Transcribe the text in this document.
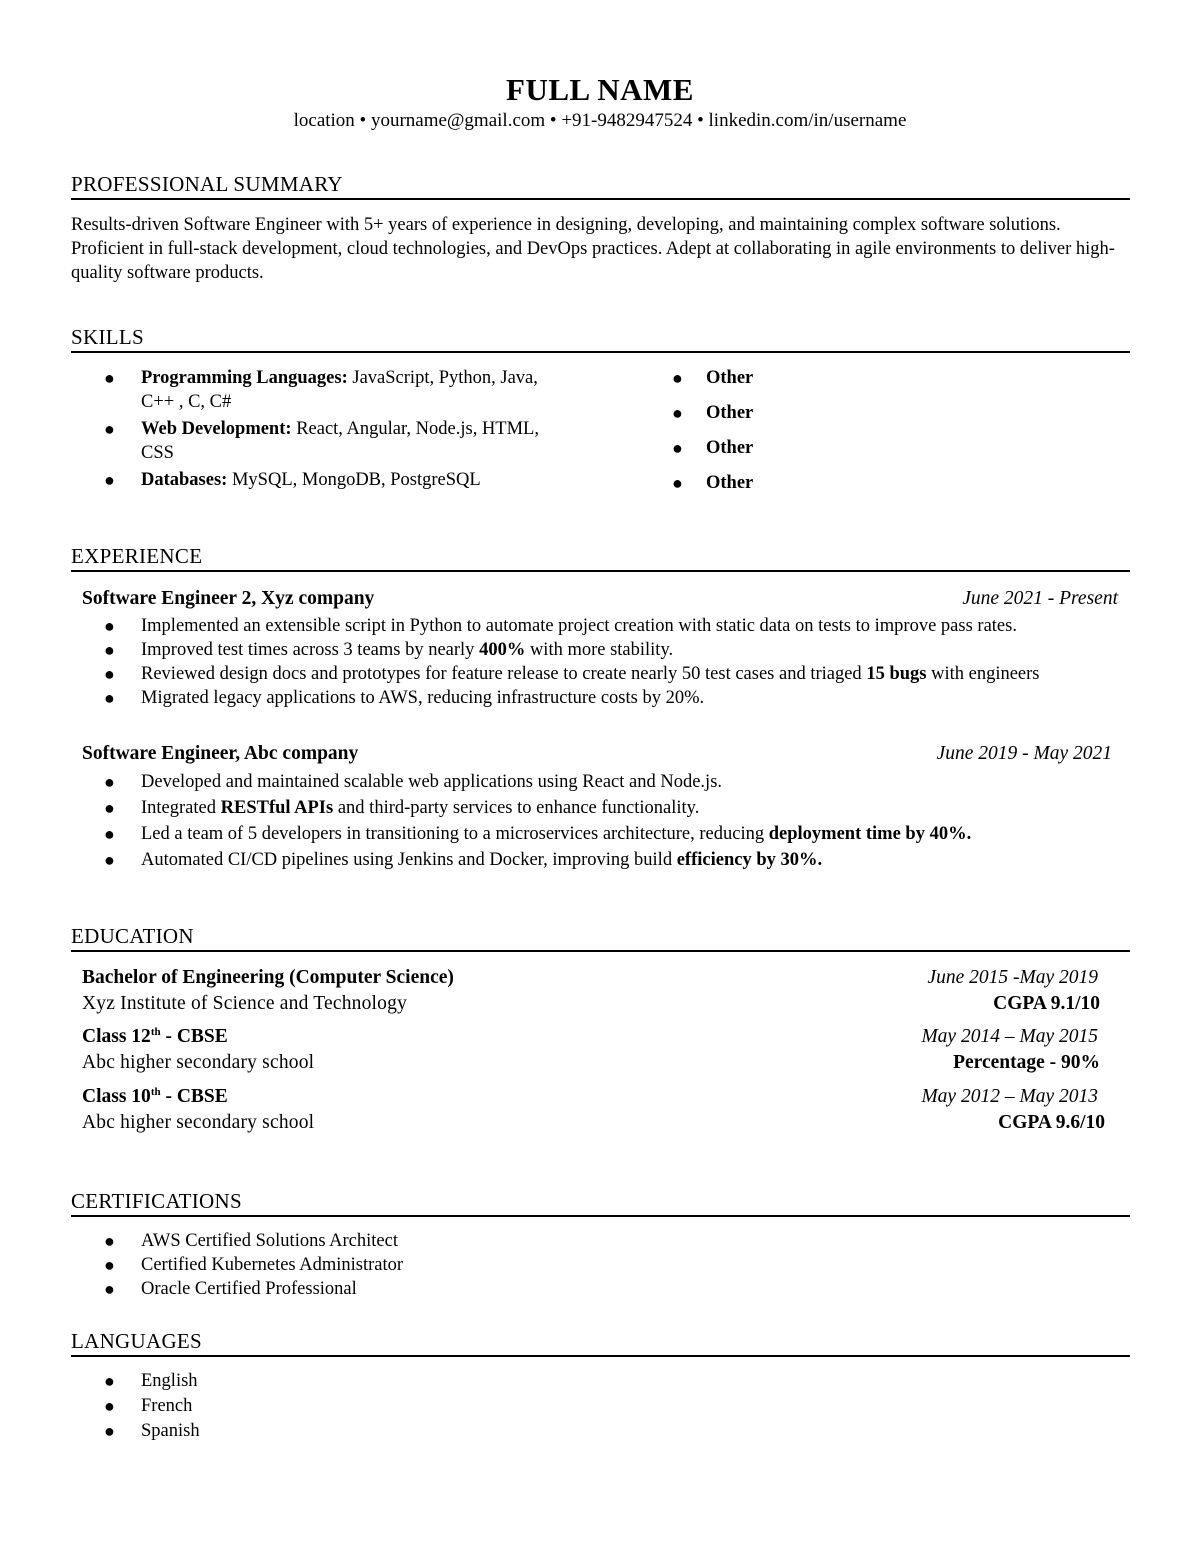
FULL NAME
location • yourname@gmail.com • +91-9482947524 • linkedin.com/in/username
PROFESSIONAL SUMMARY
Results-driven Software Engineer with 5+ years of experience in designing, developing, and maintaining complex software solutions. Proficient in full-stack development, cloud technologies, and DevOps practices. Adept at collaborating in agile environments to deliver high-quality software products.
SKILLS
● Programming Languages: JavaScript, Python, Java, C++ , C, C#
● Web Development: React, Angular, Node.js, HTML, CSS
● Databases: MySQL, MongoDB, PostgreSQL
● Other
● Other
● Other
● Other
EXPERIENCE
Software Engineer 2, Xyz company	June 2021 - Present
● Implemented an extensible script in Python to automate project creation with static data on tests to improve pass rates.
● Improved test times across 3 teams by nearly 400% with more stability.
● Reviewed design docs and prototypes for feature release to create nearly 50 test cases and triaged 15 bugs with engineers
● Migrated legacy applications to AWS, reducing infrastructure costs by 20%.
Software Engineer, Abc company	June 2019 - May 2021
● Developed and maintained scalable web applications using React and Node.js.
● Integrated RESTful APIs and third-party services to enhance functionality.
● Led a team of 5 developers in transitioning to a microservices architecture, reducing deployment time by 40%.
● Automated CI/CD pipelines using Jenkins and Docker, improving build efficiency by 30%.
EDUCATION
Bachelor of Engineering (Computer Science)	June 2015 -May 2019
Xyz Institute of Science and Technology	CGPA 9.1/10
Class 12th - CBSE	May 2014 – May 2015
Abc higher secondary school	Percentage - 90%
Class 10th - CBSE	May 2012 – May 2013
Abc higher secondary school	CGPA 9.6/10
CERTIFICATIONS
● AWS Certified Solutions Architect
● Certified Kubernetes Administrator
● Oracle Certified Professional
LANGUAGES
● English
● French
● Spanish
